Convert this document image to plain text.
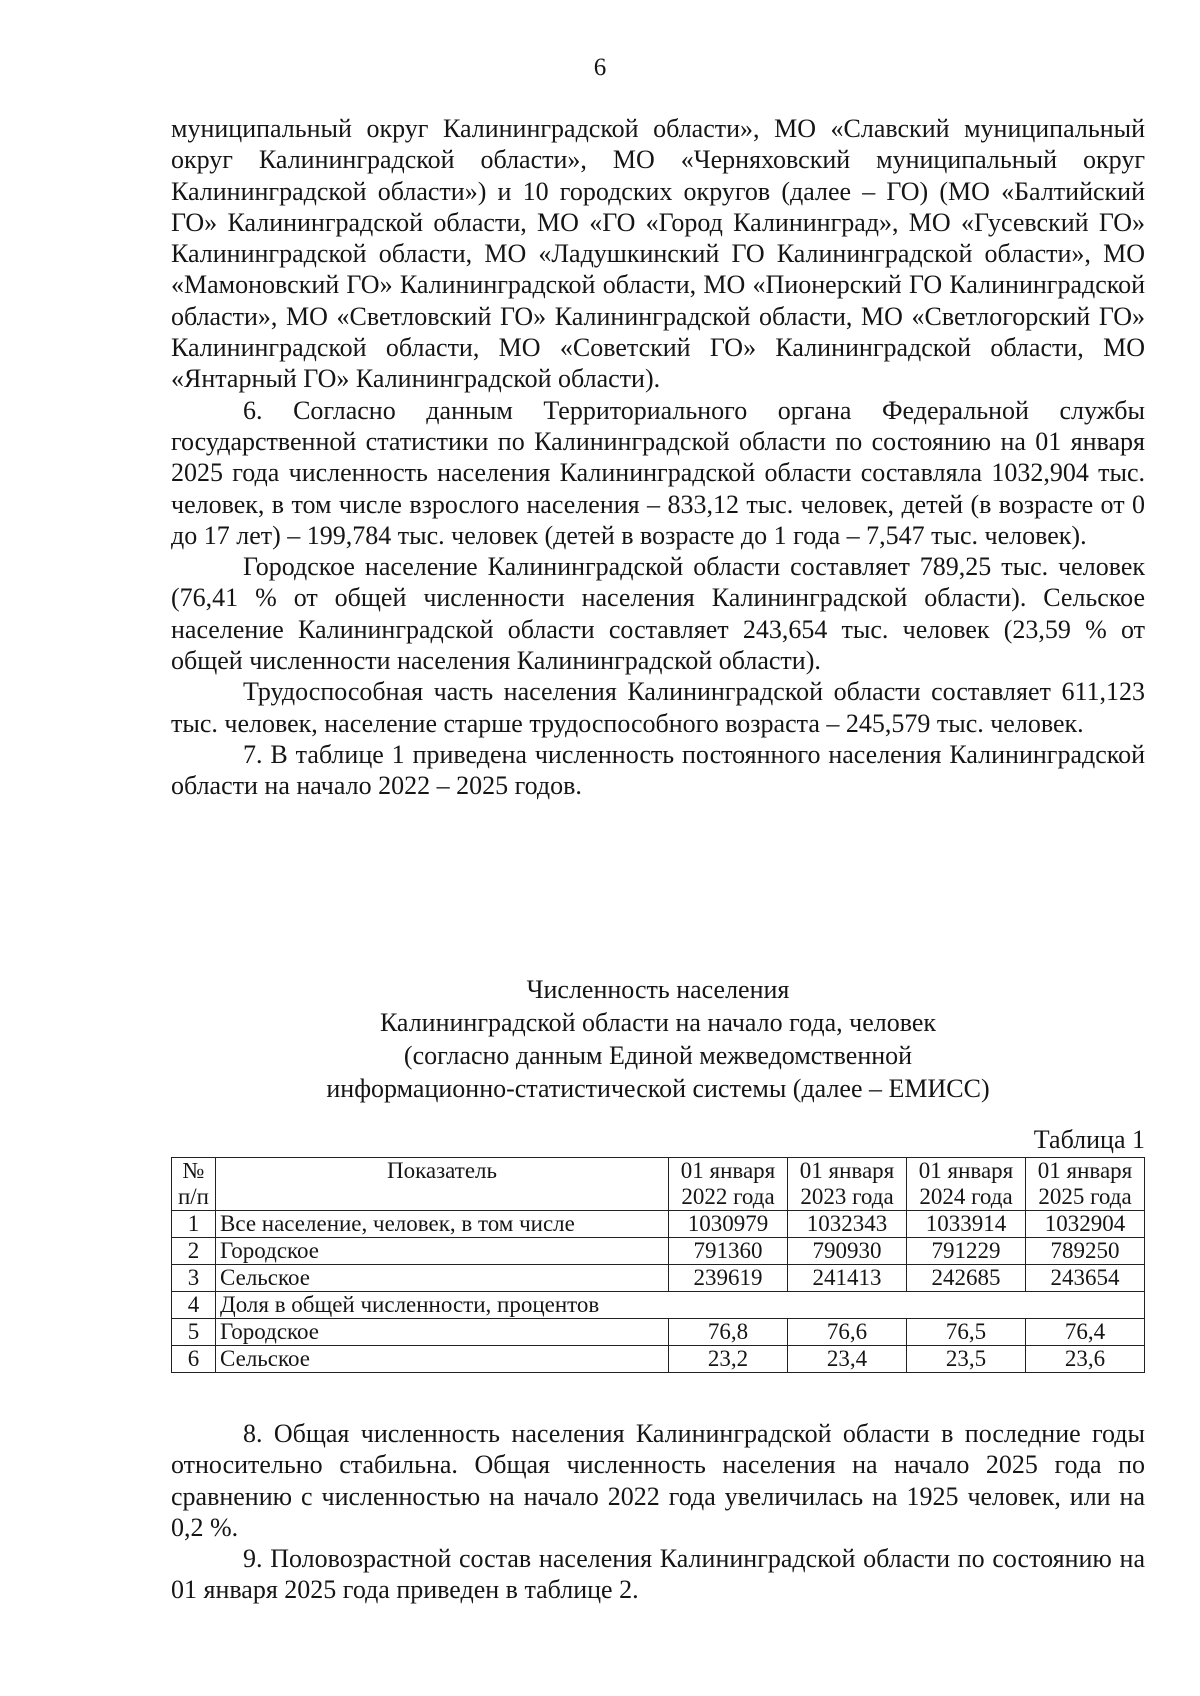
6

муниципальный округ Калининградской области», МО «Славский муниципальный округ Калининградской области», МО «Черняховский муниципальный округ Калининградской области») и 10 городских округов (далее – ГО) (МО «Балтийский ГО» Калининградской области, МО «ГО «Город Калининград», МО «Гусевский ГО» Калининградской области, МО «Ладушкинский ГО Калининградской области», МО «Мамоновский ГО» Калининградской области, МО «Пионерский ГО Калининградской области», МО «Светловский ГО» Калининградской области, МО «Светлогорский ГО» Калининградской области, МО «Советский ГО» Калининградской области, МО «Янтарный ГО» Калининградской области).

6. Согласно данным Территориального органа Федеральной службы государственной статистики по Калининградской области по состоянию на 01 января 2025 года численность населения Калининградской области составляла 1032,904 тыс. человек, в том числе взрослого населения – 833,12 тыс. человек, детей (в возрасте от 0 до 17 лет) – 199,784 тыс. человек (детей в возрасте до 1 года – 7,547 тыс. человек).

Городское население Калининградской области составляет 789,25 тыс. человек (76,41 % от общей численности населения Калининградской области). Сельское население Калининградской области составляет 243,654 тыс. человек (23,59 % от общей численности населения Калининградской области).

Трудоспособная часть населения Калининградской области составляет 611,123 тыс. человек, население старше трудоспособного возраста – 245,579 тыс. человек.

7. В таблице 1 приведена численность постоянного населения Калининградской области на начало 2022 – 2025 годов.

Численность населения
Калининградской области на начало года, человек
(согласно данным Единой межведомственной
информационно-статистической системы (далее – ЕМИСС)
Таблица 1
№ п/п	Показатель	01 января 2022 года	01 января 2023 года	01 января 2024 года	01 января 2025 года
1	Все население, человек, в том числе	1030979	1032343	1033914	1032904
2	Городское	791360	790930	791229	789250
3	Сельское	239619	241413	242685	243654
4	Доля в общей численности, процентов				
5	Городское	76,8	76,6	76,5	76,4
6	Сельское	23,2	23,4	23,5	23,6

8. Общая численность населения Калининградской области в последние годы относительно стабильна. Общая численность населения на начало 2025 года по сравнению с численностью на начало 2022 года увеличилась на 1925 человек, или на 0,2 %.

9. Половозрастной состав населения Калининградской области по состоянию на 01 января 2025 года приведен в таблице 2.
